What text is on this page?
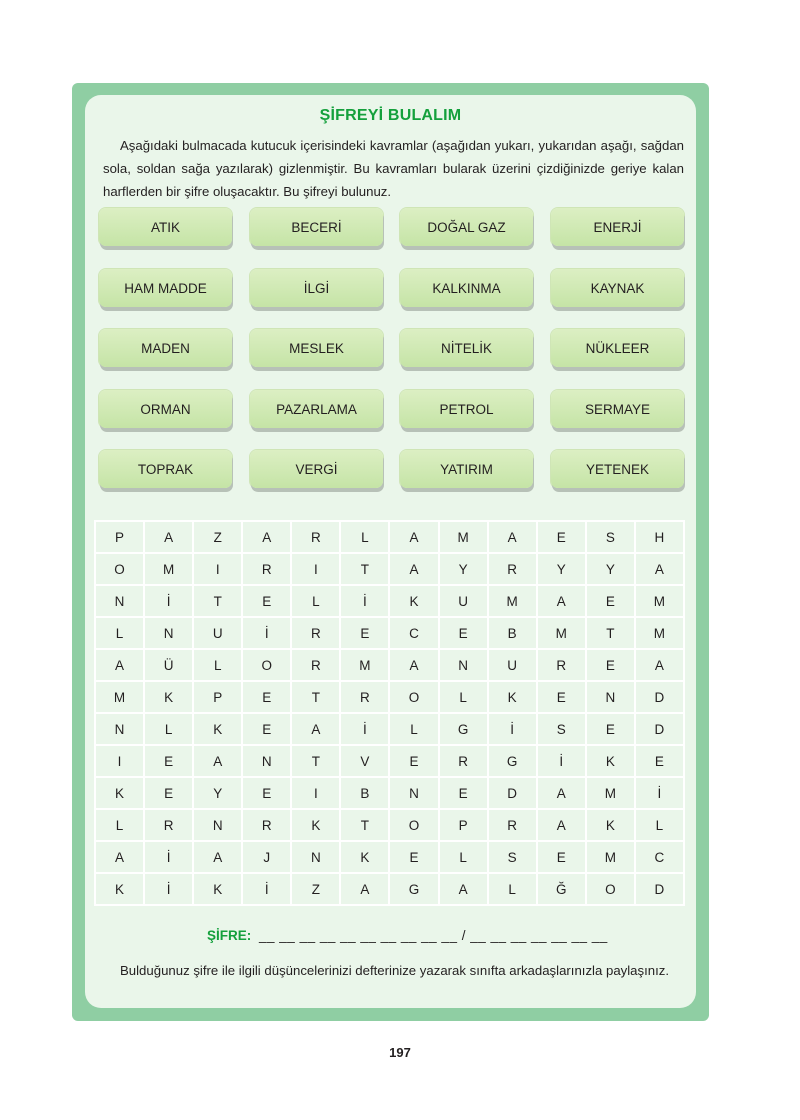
ŞİFREYİ BULALIM

Aşağıdaki bulmacada kutucuk içerisindeki kavramlar (aşağıdan yukarı, yukarıdan aşağı, sağdan sola, soldan sağa yazılarak) gizlenmiştir. Bu kavramları bularak üzerini çizdiğinizde geriye kalan harflerden bir şifre oluşacaktır. Bu şifreyi bulunuz.

ATIK	BECERİ	DOĞAL GAZ	ENERJİ
HAM MADDE	İLGİ	KALKINMA	KAYNAK
MADEN	MESLEK	NİTELİK	NÜKLEER
ORMAN	PAZARLAMA	PETROL	SERMAYE
TOPRAK	VERGİ	YATIRIM	YETENEK
P	A	Z	A	R	L	A	M	A	E	S	H
O	M	I	R	I	T	A	Y	R	Y	Y	A
N	İ	T	E	L	İ	K	U	M	A	E	M
L	N	U	İ	R	E	C	E	B	M	T	M
A	Ü	L	O	R	M	A	N	U	R	E	A
M	K	P	E	T	R	O	L	K	E	N	D
N	L	K	E	A	İ	L	G	İ	S	E	D
I	E	A	N	T	V	E	R	G	İ	K	E
K	E	Y	E	I	B	N	E	D	A	M	İ
L	R	N	R	K	T	O	P	R	A	K	L
A	İ	A	J	N	K	E	L	S	E	M	C
K	İ	K	İ	Z	A	G	A	L	Ğ	O	D
ŞİFRE: __ __ __ __ __ __ __ __ __ __ / __ __ __ __ __ __ __

Bulduğunuz şifre ile ilgili düşüncelerinizi defterinize yazarak sınıfta arkadaşlarınızla paylaşınız.

197
